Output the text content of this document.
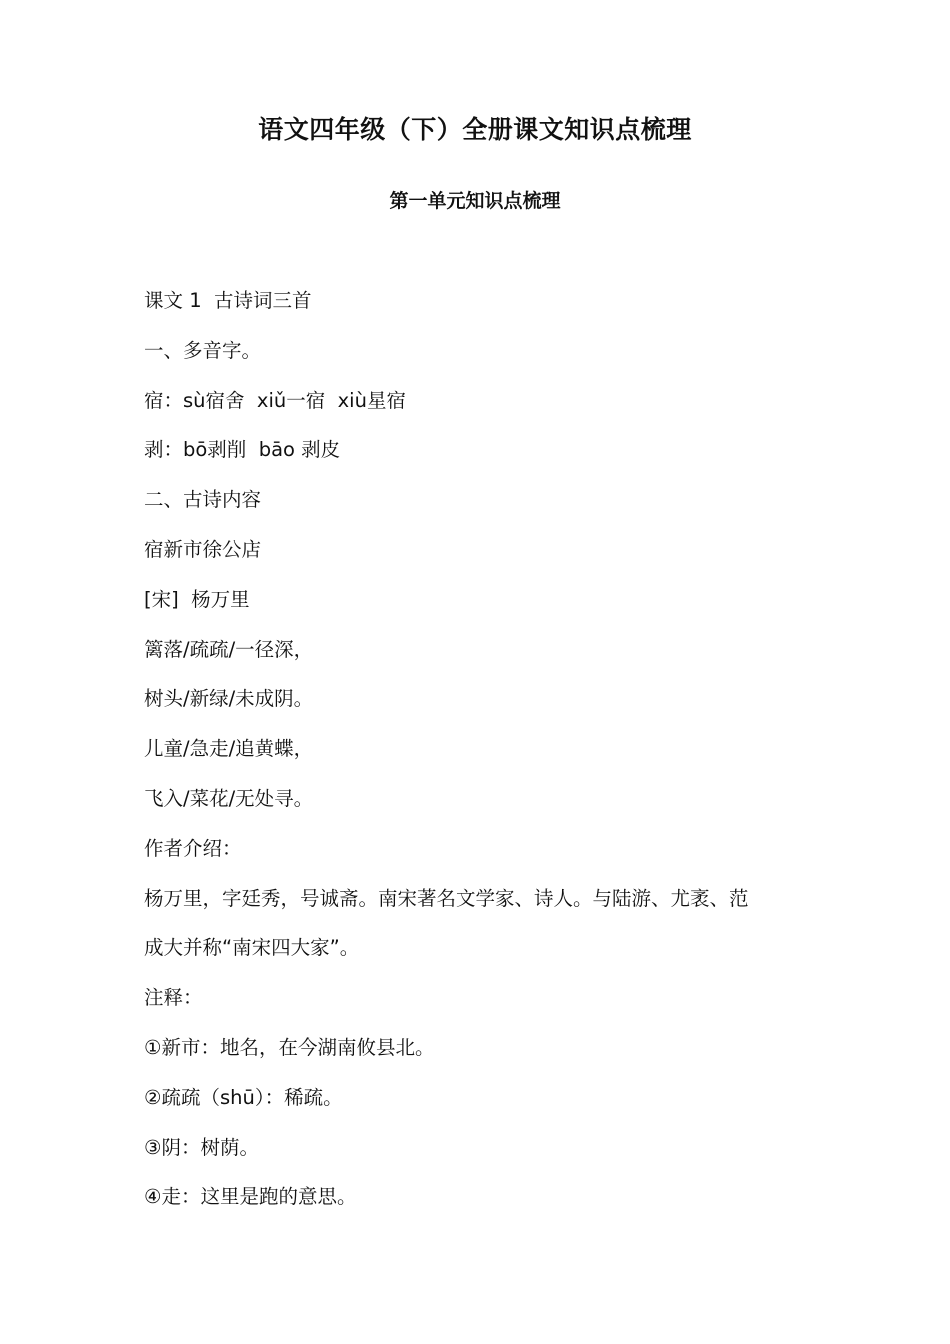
语文四年级（下）全册课文知识点梳理
第一单元知识点梳理
课文 1  古诗词三首
一、多音字。
宿：sù宿舍  xiǔ一宿  xiù星宿
剥：bō剥削  bāo 剥皮
二、古诗内容
宿新市徐公店
[宋]  杨万里
篱落/疏疏/一径深，
树头/新绿/未成阴。
儿童/急走/追黄蝶，
飞入/菜花/无处寻。
作者介绍：
杨万里，字廷秀，号诚斋。南宋著名文学家、诗人。与陆游、尤袤、范
成大并称“南宋四大家”。
注释：
①新市：地名，在今湖南攸县北。
②疏疏（shū）：稀疏。
③阴：树荫。
④走：这里是跑的意思。
